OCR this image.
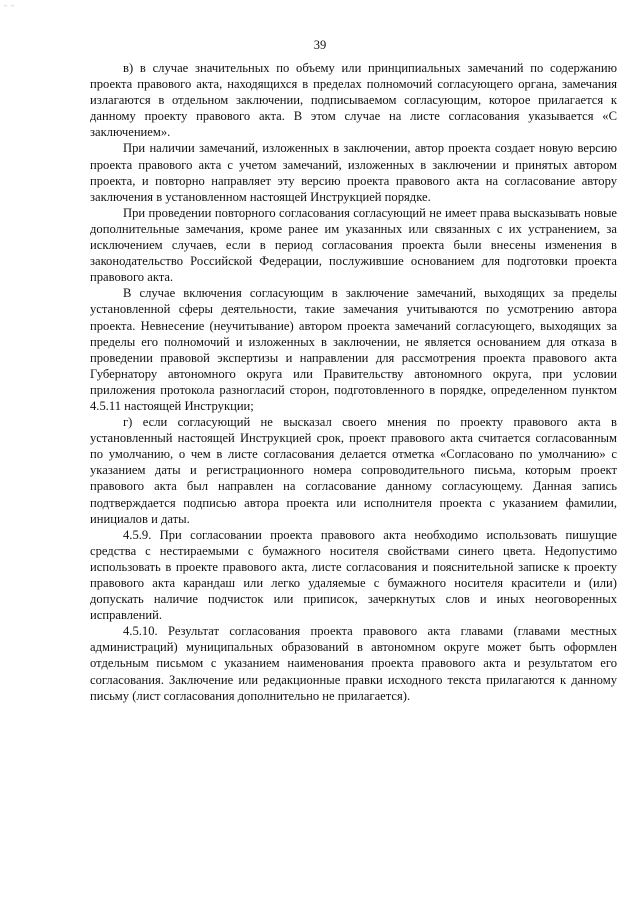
~ ~
39

в) в случае значительных по объему или принципиальных замечаний по содержанию проекта правового акта, находящихся в пределах полномочий согласующего органа, замечания излагаются в отдельном заключении, подписываемом согласующим, которое прилагается к данному проекту правового акта. В этом случае на листе согласования указывается «С заключением».

При наличии замечаний, изложенных в заключении, автор проекта создает новую версию проекта правового акта с учетом замечаний, изложенных в заключении и принятых автором проекта, и повторно направляет эту версию проекта правового акта на согласование автору заключения в установленном настоящей Инструкцией порядке.

При проведении повторного согласования согласующий не имеет права высказывать новые дополнительные замечания, кроме ранее им указанных или связанных с их устранением, за исключением случаев, если в период согласования проекта были внесены изменения в законодательство Российской Федерации, послужившие основанием для подготовки проекта правового акта.

В случае включения согласующим в заключение замечаний, выходящих за пределы установленной сферы деятельности, такие замечания учитываются по усмотрению автора проекта. Невнесение (неучитывание) автором проекта замечаний согласующего, выходящих за пределы его полномочий и изложенных в заключении, не является основанием для отказа в проведении правовой экспертизы и направлении для рассмотрения проекта правового акта Губернатору автономного округа или Правительству автономного округа, при условии приложения протокола разногласий сторон, подготовленного в порядке, определенном пунктом 4.5.11 настоящей Инструкции;

г) если согласующий не высказал своего мнения по проекту правового акта в установленный настоящей Инструкцией срок, проект правового акта считается согласованным по умолчанию, о чем в листе согласования делается отметка «Согласовано по умолчанию» с указанием даты и регистрационного номера сопроводительного письма, которым проект правового акта был направлен на согласование данному согласующему. Данная запись подтверждается подписью автора проекта или исполнителя проекта с указанием фамилии, инициалов и даты.

4.5.9. При согласовании проекта правового акта необходимо использовать пишущие средства с нестираемыми с бумажного носителя свойствами синего цвета. Недопустимо использовать в проекте правового акта, листе согласования и пояснительной записке к проекту правового акта карандаш или легко удаляемые с бумажного носителя красители и (или) допускать наличие подчисток или приписок, зачеркнутых слов и иных неоговоренных исправлений.

4.5.10. Результат согласования проекта правового акта главами (главами местных администраций) муниципальных образований в автономном округе может быть оформлен отдельным письмом с указанием наименования проекта правового акта и результатом его согласования. Заключение или редакционные правки исходного текста прилагаются к данному письму (лист согласования дополнительно не прилагается).
